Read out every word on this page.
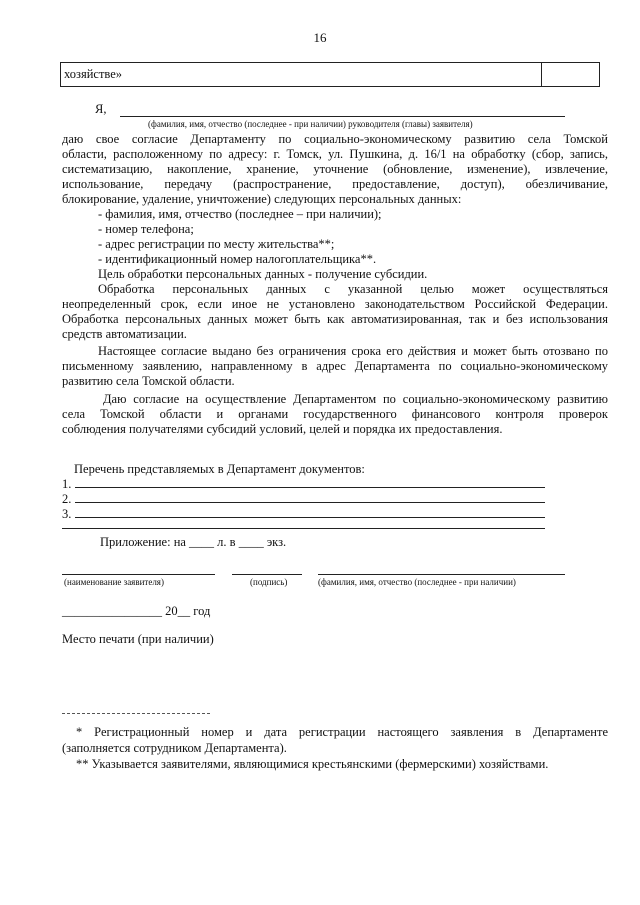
16
хозяйстве»
Я,
(фамилия, имя, отчество (последнее - при наличии) руководителя (главы) заявителя)
даю свое согласие Департаменту по социально-экономическому развитию села Томской
области, расположенному по адресу: г. Томск, ул. Пушкина, д. 16/1 на обработку (сбор, запись,
систематизацию, накопление, хранение, уточнение (обновление, изменение), извлечение,
использование, передачу (распространение, предоставление, доступ), обезличивание,
блокирование, удаление, уничтожение) следующих персональных данных:
- фамилия, имя, отчество (последнее – при наличии);
- номер телефона;
- адрес регистрации по месту жительства**;
- идентификационный номер налогоплательщика**.
Цель обработки персональных данных - получение субсидии.
Обработка персональных данных с указанной целью может осуществляться
неопределенный срок, если иное не установлено законодательством Российской Федерации.
Обработка персональных данных может быть как автоматизированная, так и без использования
средств автоматизации.
Настоящее согласие выдано без ограничения срока его действия и может быть отозвано по
письменному заявлению, направленному в адрес Департамента по социально-экономическому
развитию села Томской области.
Даю согласие на осуществление Департаментом по социально-экономическому развитию
села Томской области и органами государственного финансового контроля проверок
соблюдения получателями субсидий условий, целей и порядка их предоставления.
Перечень представляемых в Департамент документов:
1.
2.
3.
Приложение: на ____ л. в ____ экз.
(наименование заявителя)	(подпись)	(фамилия, имя, отчество (последнее - при наличии)
________________ 20__ год
Место печати (при наличии)
* Регистрационный номер и дата регистрации настоящего заявления в Департаменте
(заполняется сотрудником Департамента).
** Указывается заявителями, являющимися крестьянскими (фермерскими) хозяйствами.
